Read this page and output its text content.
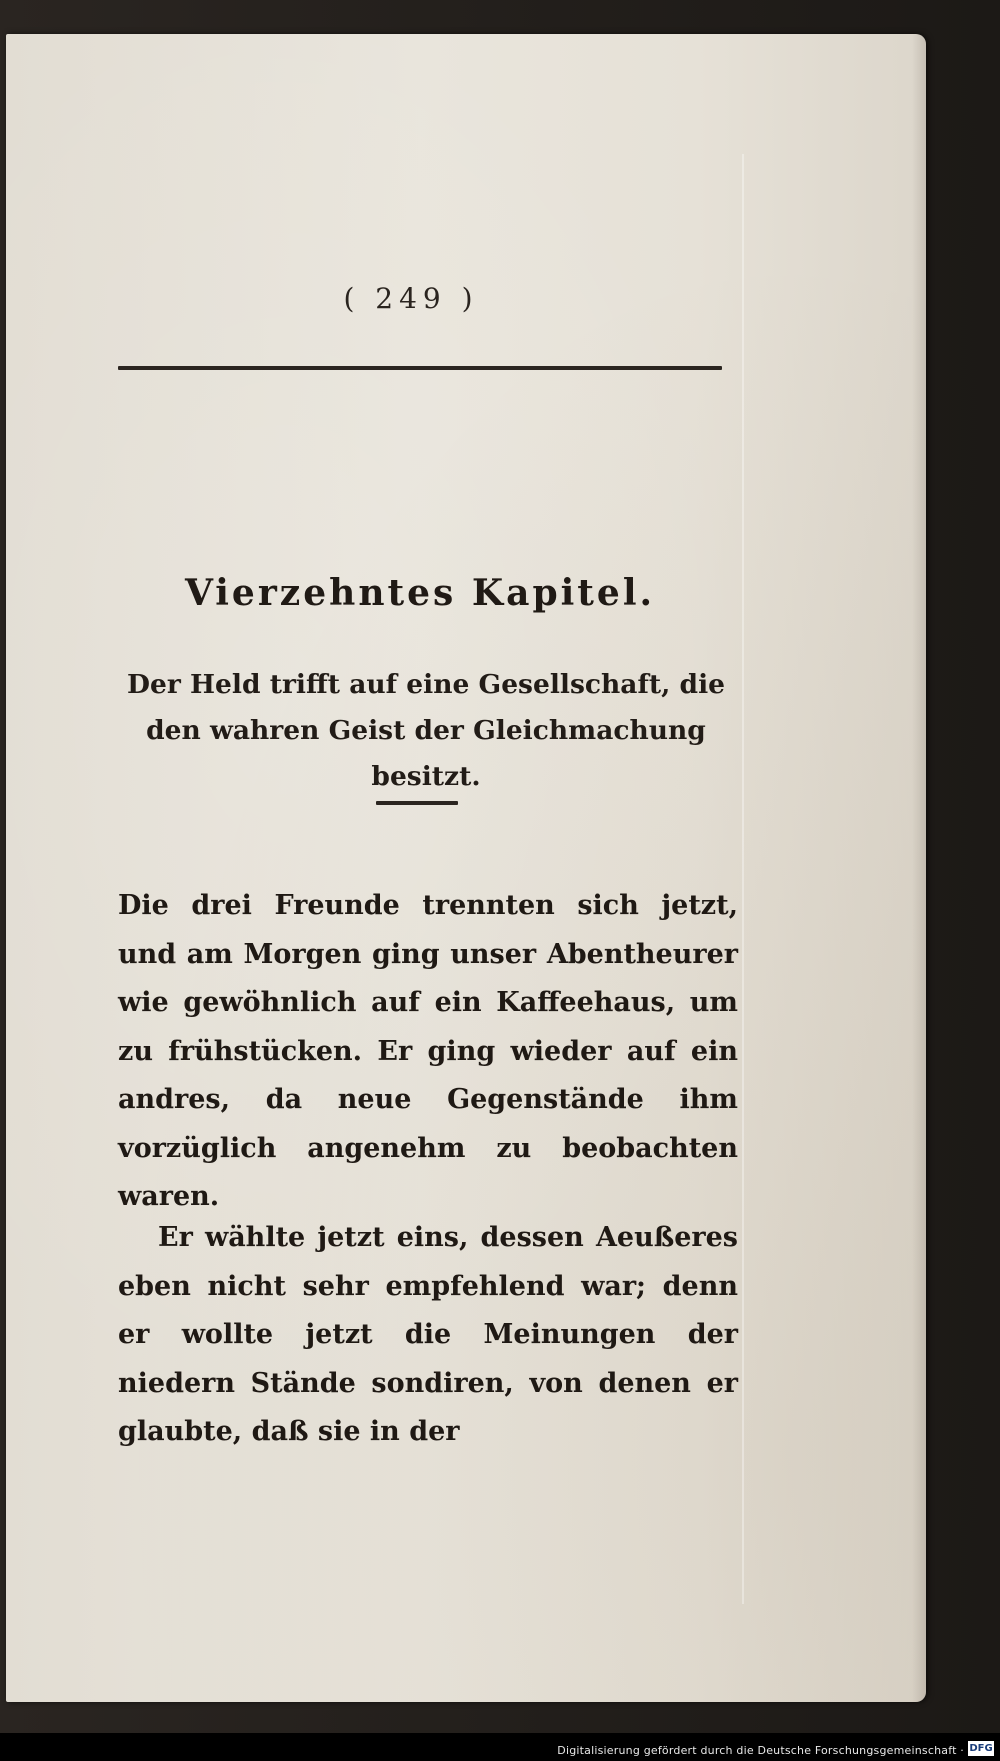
( 249 )
Vierzehntes Kapitel.
Der Held trifft auf eine Gesellschaft, die den wahren Geist der Gleichmachung besitzt.
Die drei Freunde trennten sich jetzt, und am Morgen ging unser Abentheurer wie gewöhnlich auf ein Kaffeehaus, um zu frühstücken. Er ging wieder auf ein andres, da neue Gegenstände ihm vorzüglich angenehm zu beobachten waren.
Er wählte jetzt eins, dessen Aeußeres eben nicht sehr empfehlend war; denn er wollte jetzt die Meinungen der niedern Stände sondiren, von denen er glaubte, daß sie in der
Digitalisierung gefördert durch die Deutsche Forschungsgemeinschaft · DFG
